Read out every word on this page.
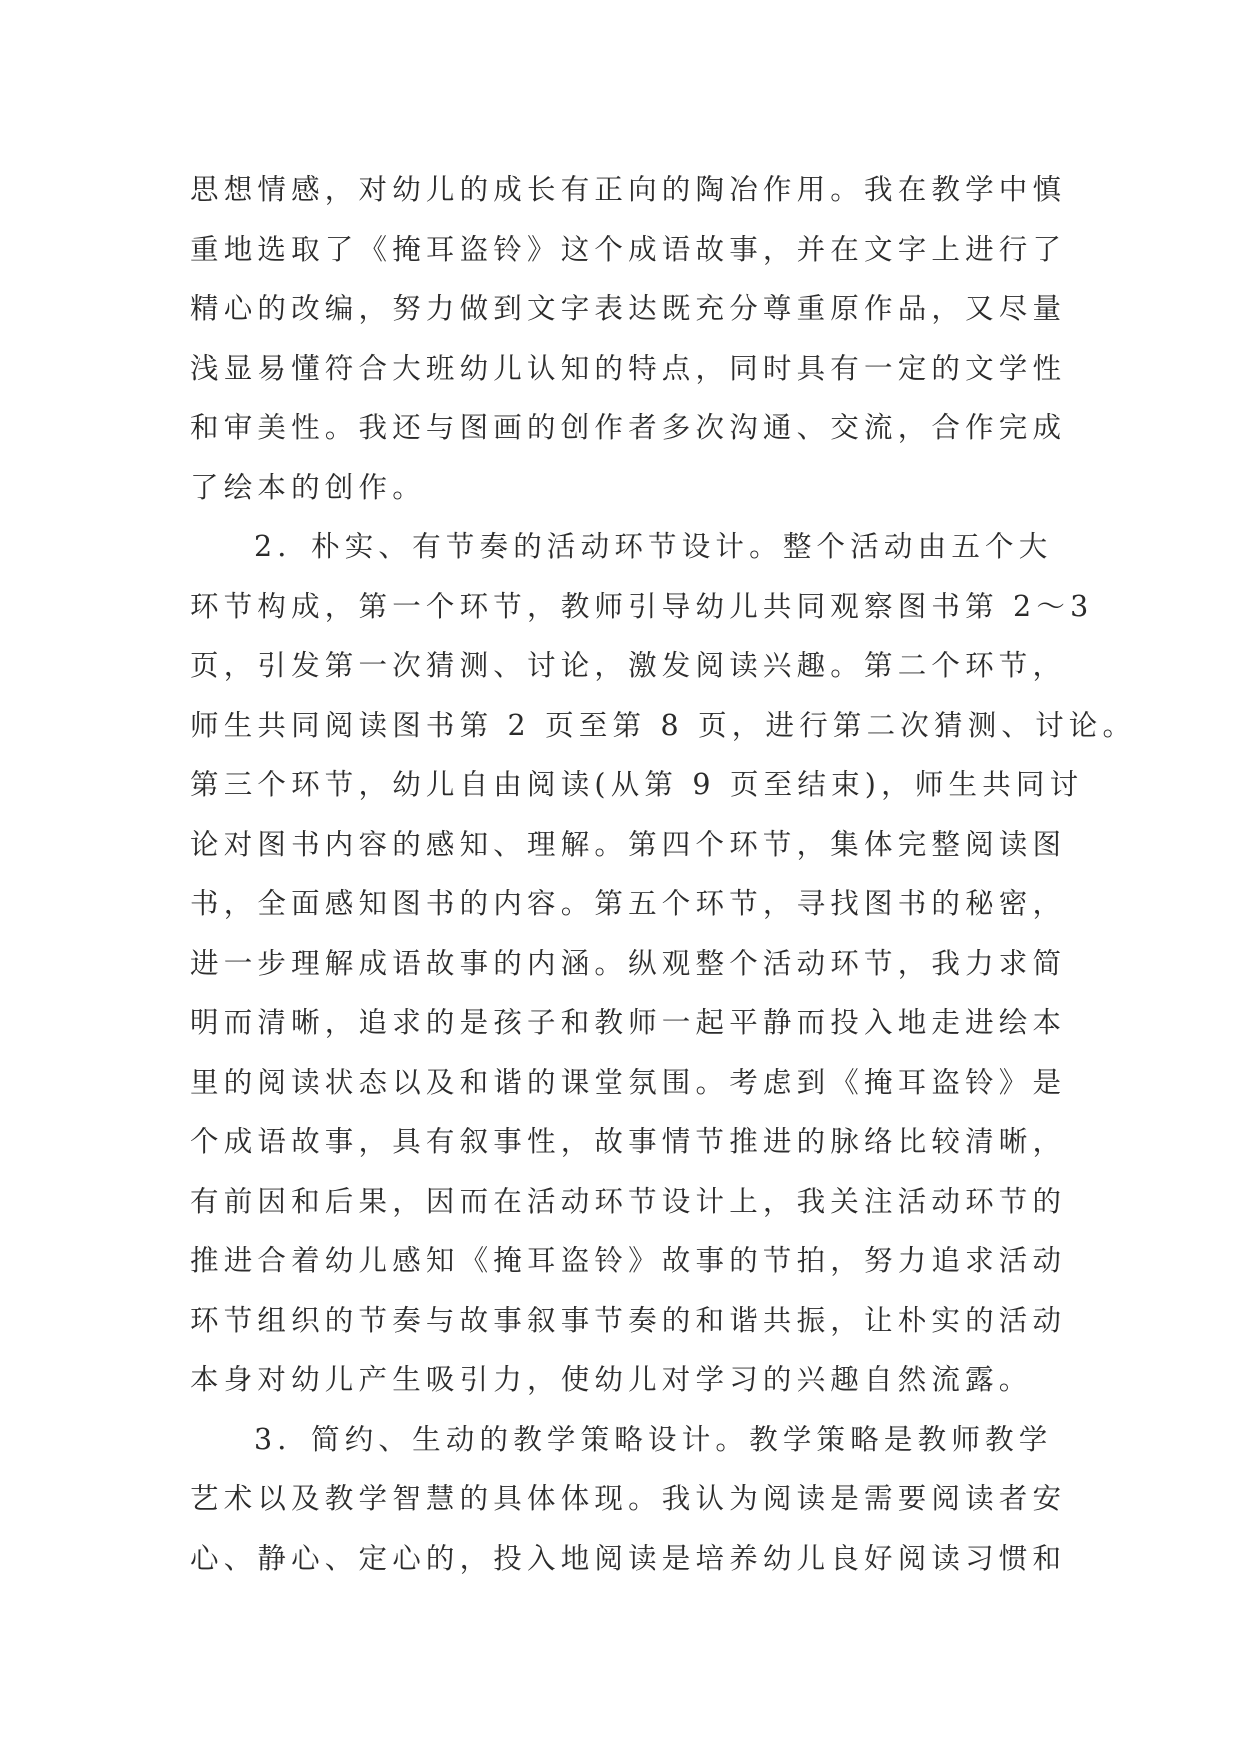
思想情感，对幼儿的成长有正向的陶冶作用。我在教学中慎
重地选取了《掩耳盗铃》这个成语故事，并在文字上进行了
精心的改编，努力做到文字表达既充分尊重原作品，又尽量
浅显易懂符合大班幼儿认知的特点，同时具有一定的文学性
和审美性。我还与图画的创作者多次沟通、交流，合作完成
了绘本的创作。
2．朴实、有节奏的活动环节设计。整个活动由五个大
环节构成，第一个环节，教师引导幼儿共同观察图书第 2～3
页，引发第一次猜测、讨论，激发阅读兴趣。第二个环节，
师生共同阅读图书第 2 页至第 8 页，进行第二次猜测、讨论。
第三个环节，幼儿自由阅读(从第 9 页至结束)，师生共同讨
论对图书内容的感知、理解。第四个环节，集体完整阅读图
书，全面感知图书的内容。第五个环节，寻找图书的秘密，
进一步理解成语故事的内涵。纵观整个活动环节，我力求简
明而清晰，追求的是孩子和教师一起平静而投入地走进绘本
里的阅读状态以及和谐的课堂氛围。考虑到《掩耳盗铃》是
个成语故事，具有叙事性，故事情节推进的脉络比较清晰，
有前因和后果，因而在活动环节设计上，我关注活动环节的
推进合着幼儿感知《掩耳盗铃》故事的节拍，努力追求活动
环节组织的节奏与故事叙事节奏的和谐共振，让朴实的活动
本身对幼儿产生吸引力，使幼儿对学习的兴趣自然流露。
3．简约、生动的教学策略设计。教学策略是教师教学
艺术以及教学智慧的具体体现。我认为阅读是需要阅读者安
心、静心、定心的，投入地阅读是培养幼儿良好阅读习惯和
